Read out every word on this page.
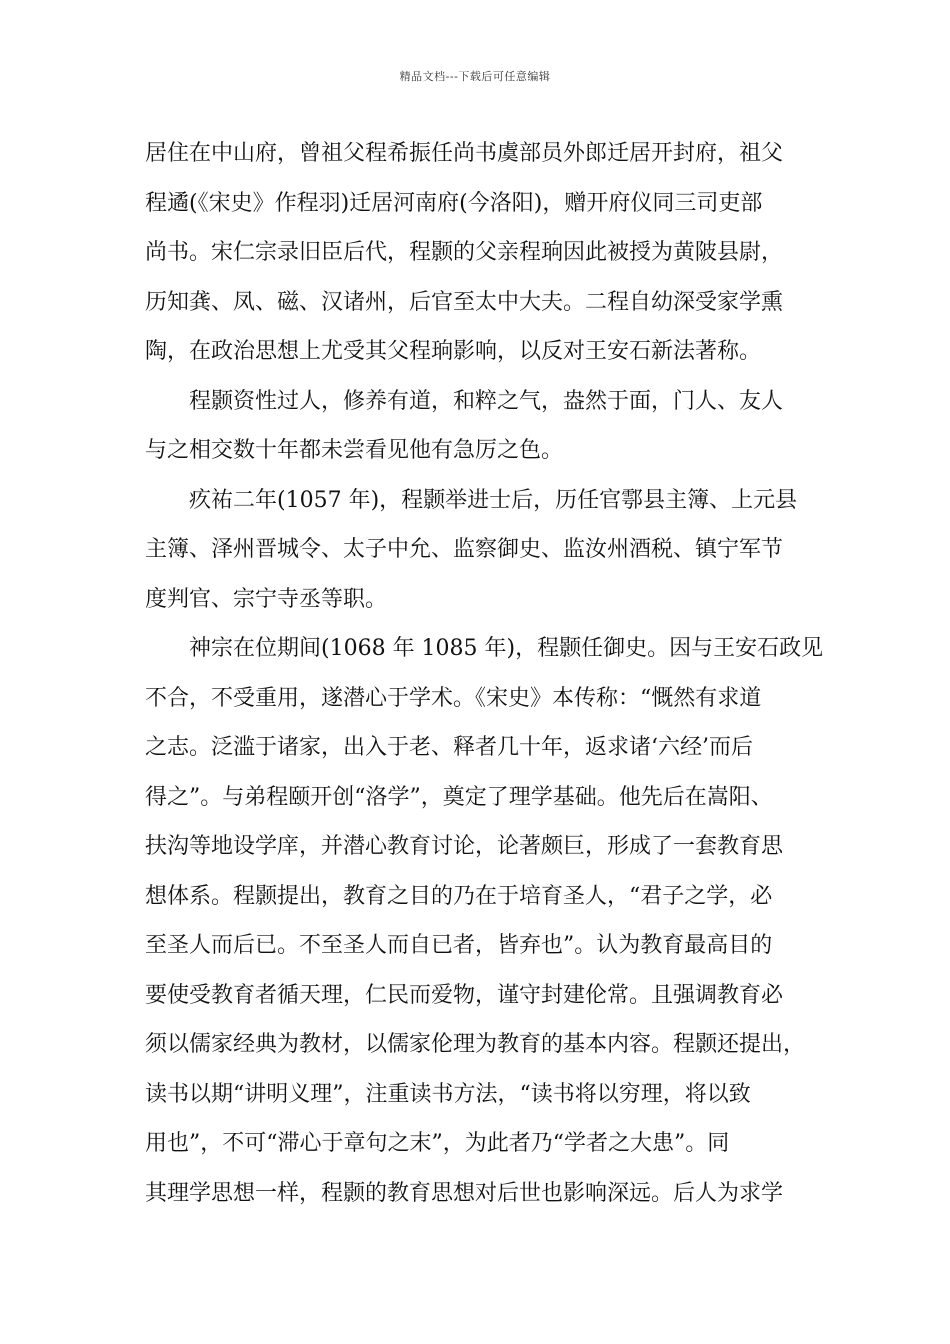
精品文档---下载后可任意编辑
居住在中山府，曾祖父程希振任尚书虞部员外郎迁居开封府，祖父
程遹(《宋史》作程羽)迁居河南府(今洛阳)，赠开府仪同三司吏部
尚书。宋仁宗录旧臣后代，程颢的父亲程珦因此被授为黄陂县尉，
历知龚、凤、磁、汉诸州，后官至太中大夫。二程自幼深受家学熏
陶，在政治思想上尤受其父程珦影响，以反对王安石新法著称。
程颢资性过人，修养有道，和粹之气，盎然于面，门人、友人
与之相交数十年都未尝看见他有急厉之色。
疚祐二年(1057 年)，程颢举进士后，历任官鄠县主簿、上元县
主簿、泽州晋城令、太子中允、监察御史、监汝州酒税、镇宁军节
度判官、宗宁寺丞等职。
神宗在位期间(1068 年 1085 年)，程颢任御史。因与王安石政见
不合，不受重用，遂潜心于学术。《宋史》本传称：“慨然有求道
之志。泛滥于诸家，出入于老、释者几十年，返求诸‘六经’而后
得之”。与弟程颐开创“洛学”，奠定了理学基础。他先后在嵩阳、
扶沟等地设学庠，并潜心教育讨论，论著颇巨，形成了一套教育思
想体系。程颢提出，教育之目的乃在于培育圣人，“君子之学，必
至圣人而后已。不至圣人而自已者，皆弃也”。认为教育最高目的
要使受教育者循天理，仁民而爱物，谨守封建伦常。且强调教育必
须以儒家经典为教材，以儒家伦理为教育的基本内容。程颢还提出，
读书以期“讲明义理”，注重读书方法，“读书将以穷理，将以致
用也”，不可“滞心于章句之末”，为此者乃“学者之大患”。同
其理学思想一样，程颢的教育思想对后世也影响深远。后人为求学
